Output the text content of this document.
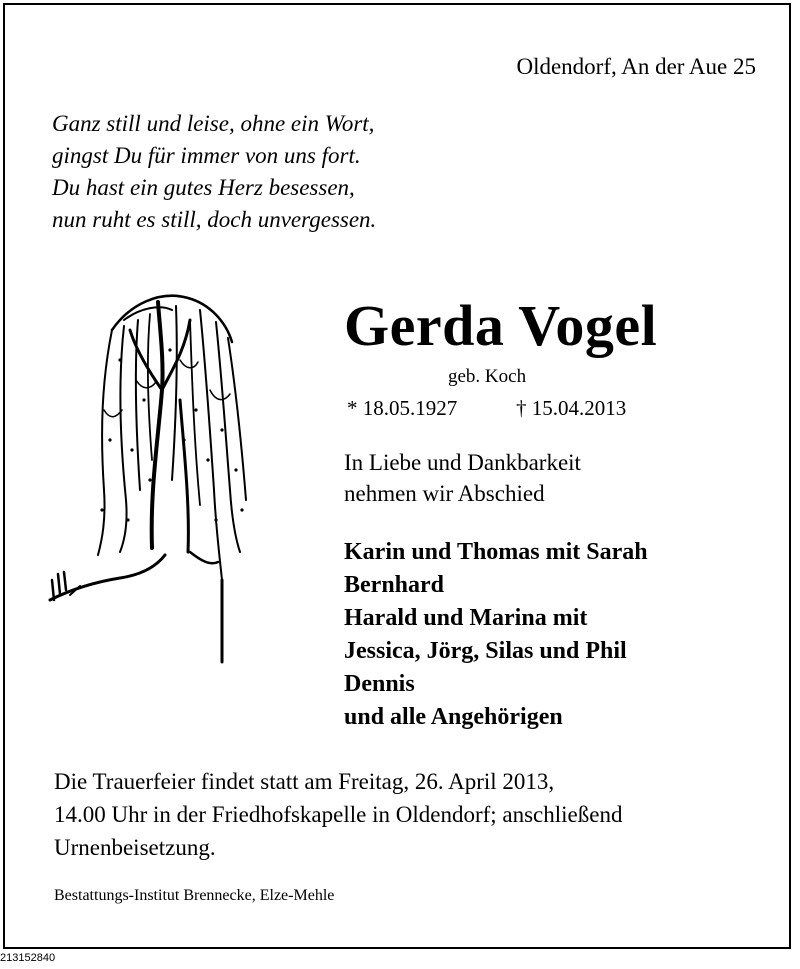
Oldendorf, An der Aue 25

Ganz still und leise, ohne ein Wort,
gingst Du für immer von uns fort.
Du hast ein gutes Herz besessen,
nun ruht es still, doch unvergessen.

Gerda Vogel

geb. Koch

* 18.05.1927	† 15.04.2013

In Liebe und Dankbarkeit
nehmen wir Abschied

Karin und Thomas mit Sarah
Bernhard
Harald und Marina mit
Jessica, Jörg, Silas und Phil
Dennis
und alle Angehörigen

Die Trauerfeier findet statt am Freitag, 26. April 2013,
14.00 Uhr in der Friedhofskapelle in Oldendorf; anschließend
Urnenbeisetzung.

Bestattungs-Institut Brennecke, Elze-Mehle

213152840
